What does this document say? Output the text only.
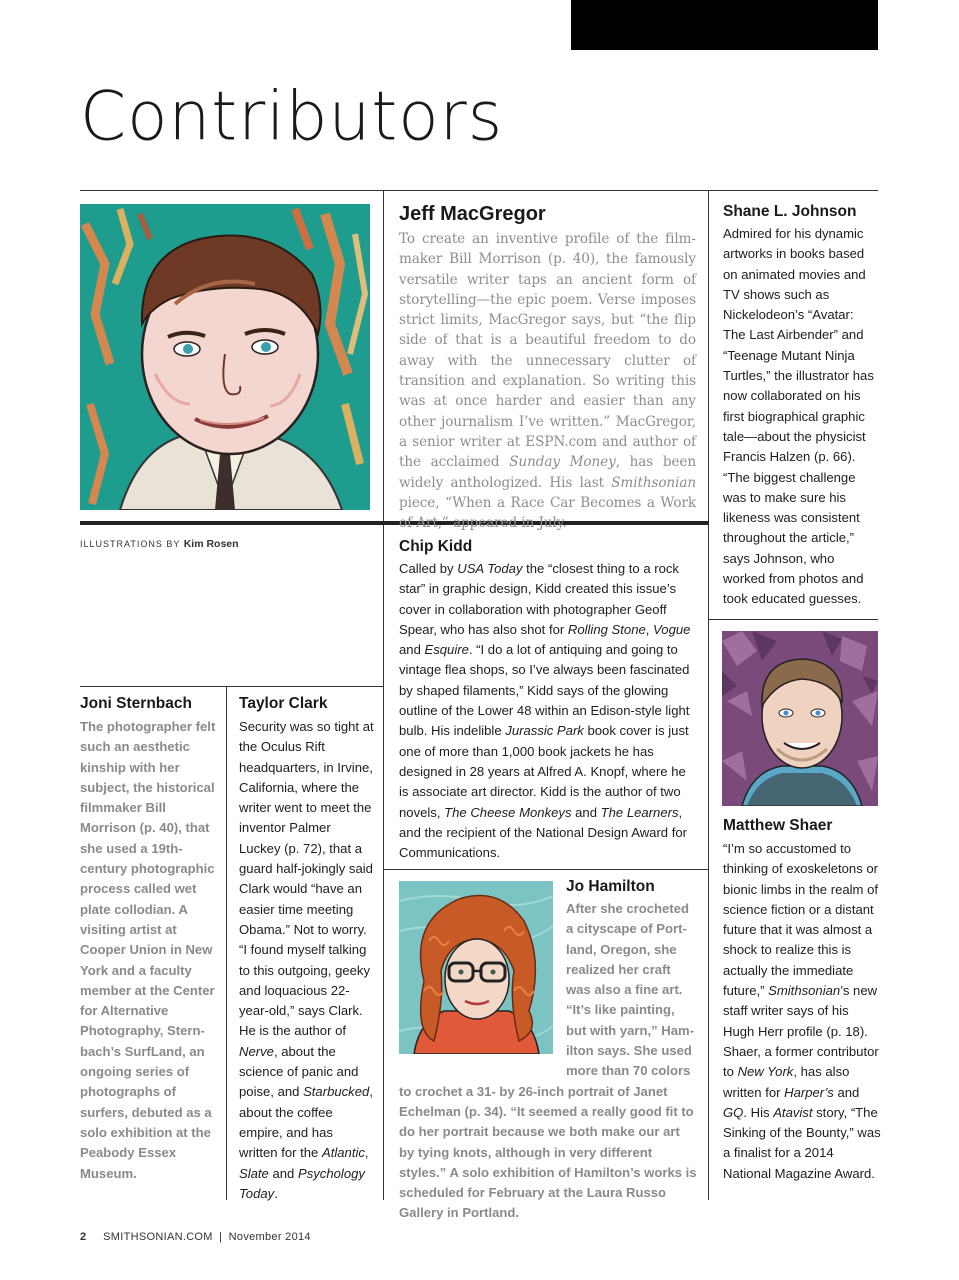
Contributors
ILLUSTRATIONS BY Kim Rosen
Jeff MacGregor
To create an inventive profile of the filmmaker Bill Morrison (p. 40), the famously versatile writer taps an ancient form of storytelling—the epic poem. Verse imposes strict limits, MacGregor says, but “the flip side of that is a beautiful freedom to do away with the unnecessary clutter of transition and explanation. So writing this was at once harder and easier than any other journalism I’ve written.” MacGregor, a senior writer at ESPN.com and author of the acclaimed Sunday Money, has been widely anthologized. His last Smithsonian piece, “When a Race Car Becomes a Work of Art,” appeared in July.
Shane L. Johnson
Admired for his dynamic artworks in books based on animated movies and TV shows such as Nickelodeon’s “Avatar: The Last Airbender” and “Teenage Mutant Ninja Turtles,” the illustrator has now collaborated on his first biographical graphic tale—about the physicist Francis Halzen (p. 66). “The biggest challenge was to make sure his likeness was consistent throughout the article,” says Johnson, who worked from photos and took educated guesses.
Matthew Shaer
“I’m so accustomed to thinking of exoskeletons or bionic limbs in the realm of science fiction or a distant future that it was almost a shock to realize this is actually the immediate future,” Smithsonian’s new staff writer says of his Hugh Herr profile (p. 18). Shaer, a former contributor to New York, has also written for Harper’s and GQ. His Atavist story, “The Sinking of the Bounty,” was a finalist for a 2014 National Magazine Award.
Chip Kidd
Called by USA Today the “closest thing to a rock star” in graphic design, Kidd created this issue’s cover in collaboration with photographer Geoff Spear, who has also shot for Rolling Stone, Vogue and Esquire. “I do a lot of antiquing and going to vintage flea shops, so I’ve always been fascinated by shaped filaments,” Kidd says of the glowing outline of the Lower 48 within an Edison-style light bulb. His indelible Jurassic Park book cover is just one of more than 1,000 book jackets he has designed in 28 years at Alfred A. Knopf, where he is associate art director. Kidd is the author of two novels, The Cheese Monkeys and The Learners, and the recipient of the National Design Award for Communications.
Joni Sternbach
The photographer felt such an aesthetic kinship with her subject, the historical filmmaker Bill Morrison (p. 40), that she used a 19th-century photographic process called wet plate collodian. A visiting artist at Cooper Union in New York and a faculty member at the Center for Alternative Photography, Sternbach’s SurfLand, an ongoing series of photographs of surfers, debuted as a solo exhibition at the Peabody Essex Museum.
Taylor Clark
Security was so tight at the Oculus Rift headquarters, in Irvine, California, where the writer went to meet the inventor Palmer Luckey (p. 72), that a guard half-jokingly said Clark would “have an easier time meeting Obama.” Not to worry. “I found myself talking to this outgoing, geeky and loquacious 22-year-old,” says Clark. He is the author of Nerve, about the science of panic and poise, and Starbucked, about the coffee empire, and has written for the Atlantic, Slate and Psychology Today.
Jo Hamilton
After she crocheted a cityscape of Portland, Oregon, she realized her craft was also a fine art. “It’s like painting, but with yarn,” Hamilton says. She used more than 70 colors to crochet a 31- by 26-inch portrait of Janet Echelman (p. 34). “It seemed a really good fit to do her portrait because we both make our art by tying knots, although in very different styles.” A solo exhibition of Hamilton’s works is scheduled for February at the Laura Russo Gallery in Portland.
2 SMITHSONIAN.COM | November 2014
